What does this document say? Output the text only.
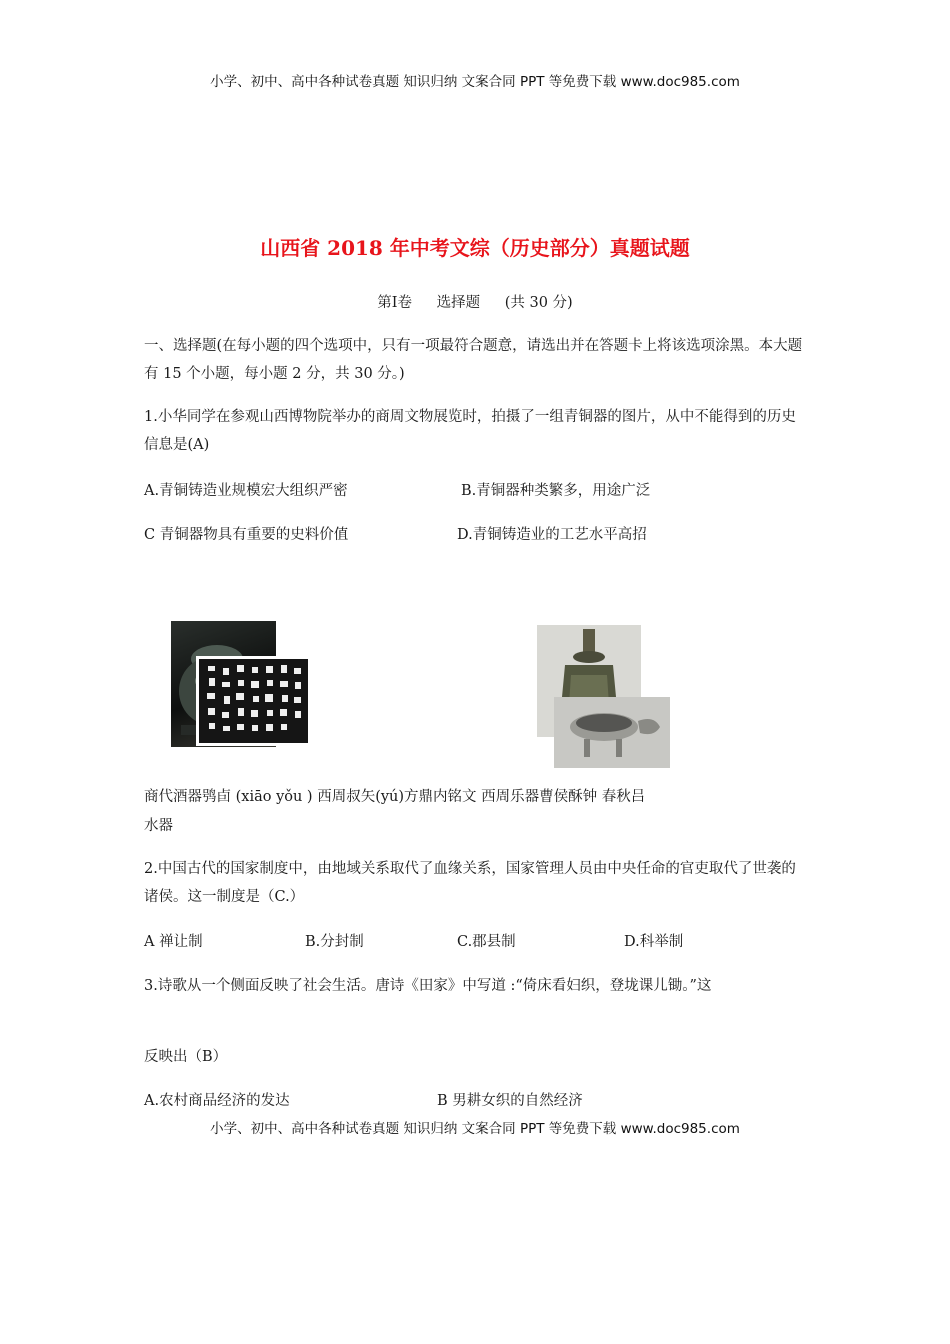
小学、初中、高中各种试卷真题 知识归纳 文案合同 PPT 等免费下载 www.doc985.com
山西省 2018 年中考文综（历史部分）真题试题
第Ⅰ卷 选择题 (共 30 分)
一、选择题(在每小题的四个选项中，只有一项最符合题意，请选出并在答题卡上将该选项涂黑。本大题有 15 个小题，每小题 2 分，共 30 分。)
1.小华同学在参观山西博物院举办的商周文物展览时，拍摄了一组青铜器的图片，从中不能得到的历史信息是(A)
A.青铜铸造业规模宏大组织严密	B.青铜器种类繁多，用途广泛
C 青铜器物具有重要的史料价值	D.青铜铸造业的工艺水平高招
商代酒器鸮卣 (xiāo yǒu ) 西周叔矢(yú)方鼎内铭文 西周乐器曹侯酥钟 春秋吕
水器
2.中国古代的国家制度中，由地域关系取代了血缘关系，国家管理人员由中央任命的官吏取代了世袭的诸侯。这一制度是（C.）
A 禅让制	B.分封制	C.郡县制	D.科举制
3.诗歌从一个侧面反映了社会生活。唐诗《田家》中写道 :“倚床看妇织，登垅课儿锄。”这
反映出（B）
A.农村商品经济的发达	B 男耕女织的自然经济
小学、初中、高中各种试卷真题 知识归纳 文案合同 PPT 等免费下载 www.doc985.com
